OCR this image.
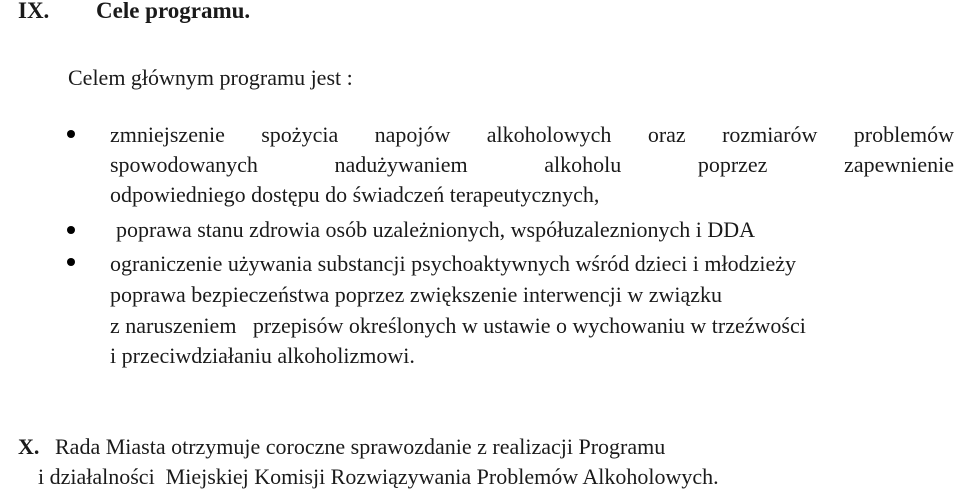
IX. Cele programu.
Celem głównym programu jest :
zmniejszenie spożycia napojów alkoholowych oraz rozmiarów problemów
spowodowanych nadużywaniem alkoholu poprzez zapewnienie
odpowiedniego dostępu do świadczeń terapeutycznych,
poprawa stanu zdrowia osób uzależnionych, współuzaleznionych i DDA
ograniczenie używania substancji psychoaktywnych wśród dzieci i młodzieży
poprawa bezpieczeństwa poprzez zwiększenie interwencji w związku
z naruszeniem   przepisów określonych w ustawie o wychowaniu w trzeźwości
i przeciwdziałaniu alkoholizmowi.
X. Rada Miasta otrzymuje coroczne sprawozdanie z realizacji Programu
i działalności  Miejskiej Komisji Rozwiązywania Problemów Alkoholowych.
